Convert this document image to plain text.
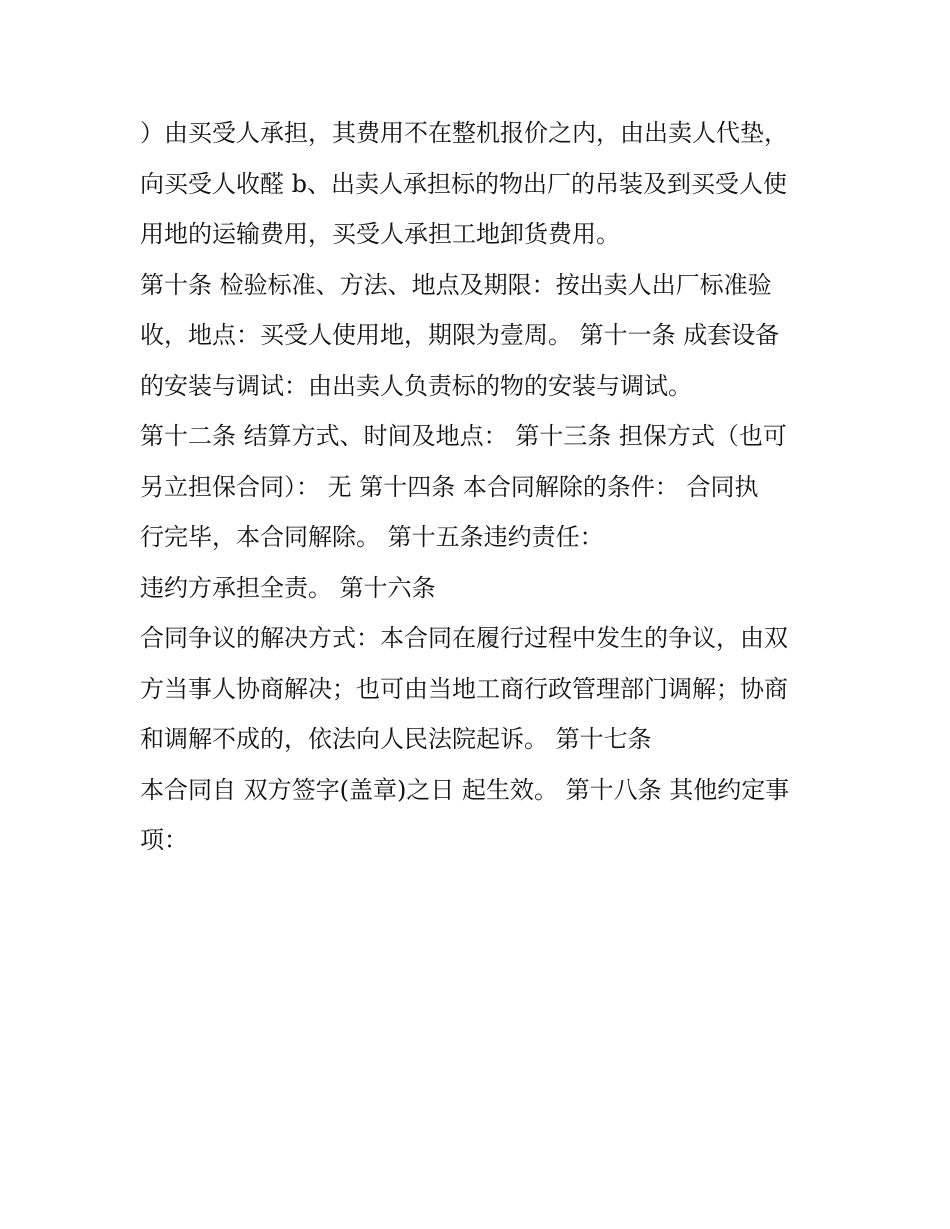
）由买受人承担，其费用不在整机报价之内，由出卖人代垫，
向买受人收醛 b、出卖人承担标的物出厂的吊装及到买受人使
用地的运输费用，买受人承担工地卸货费用。
第十条 检验标准、方法、地点及期限：按出卖人出厂标准验
收，地点：买受人使用地，期限为壹周。 第十一条 成套设备
的安装与调试：由出卖人负责标的物的安装与调试。
第十二条 结算方式、时间及地点： 第十三条 担保方式（也可
另立担保合同）： 无 第十四条 本合同解除的条件： 合同执
行完毕，本合同解除。 第十五条违约责任：
违约方承担全责。 第十六条
合同争议的解决方式：本合同在履行过程中发生的争议，由双
方当事人协商解决；也可由当地工商行政管理部门调解；协商
和调解不成的，依法向人民法院起诉。 第十七条
本合同自 双方签字(盖章)之日 起生效。 第十八条 其他约定事
项：
